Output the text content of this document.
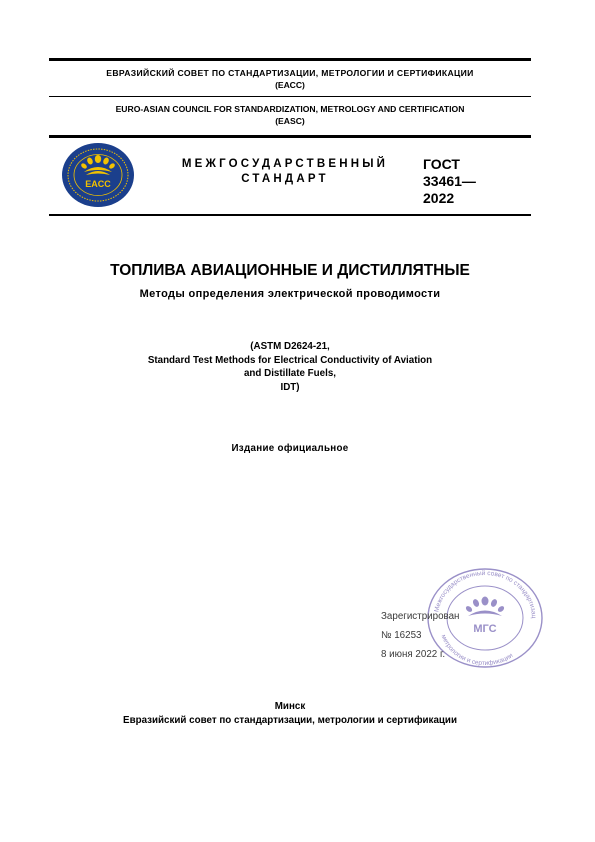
ЕВРАЗИЙСКИЙ СОВЕТ ПО СТАНДАРТИЗАЦИИ, МЕТРОЛОГИИ И СЕРТИФИКАЦИИ
(ЕАСС)
EURO-ASIAN COUNCIL FOR STANDARDIZATION, METROLOGY AND CERTIFICATION
(EASC)
EACC
МЕЖГОСУДАРСТВЕННЫЙ
СТАНДАРТ
ГОСТ
33461—
2022
ТОПЛИВА АВИАЦИОННЫЕ И ДИСТИЛЛЯТНЫЕ
Методы определения электрической проводимости
(ASTM D2624-21,
Standard Test Methods for Electrical Conductivity of Aviation
and Distillate Fuels,
IDT)
Издание официальное
Межгосударственный совет по стандартизац
метрологии и сертификации
МГС
Зарегистрирован
№ 16253
8 июня 2022 г.
Минск
Евразийский совет по стандартизации, метрологии и сертификации
